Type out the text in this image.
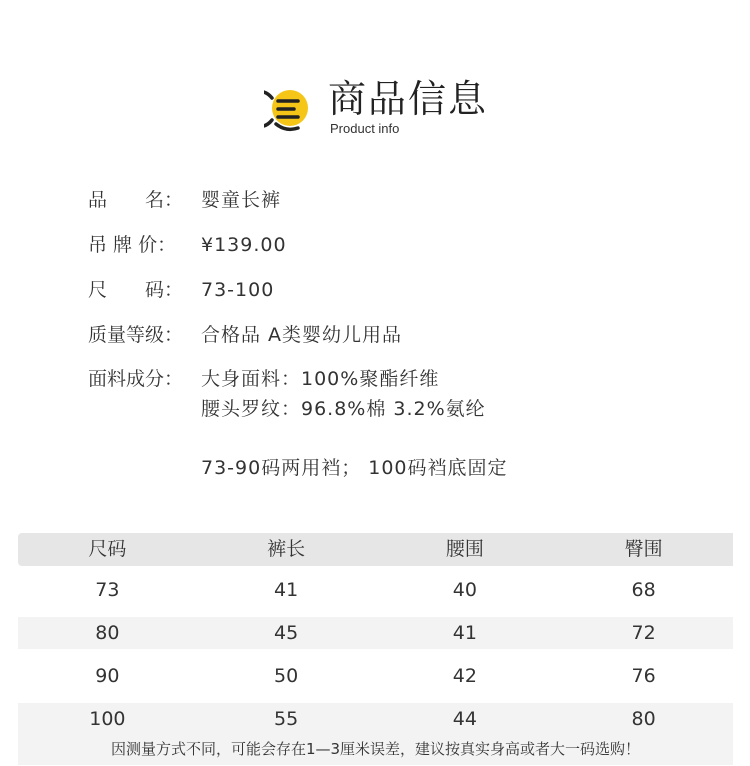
商品信息
Product info
品　　名： 婴童长裤
吊 牌 价： ¥139.00
尺　　码： 73-100
质量等级： 合格品 A类婴幼儿用品
面料成分： 大身面料：100%聚酯纤维
腰头罗纹：96.8%棉 3.2%氨纶
73-90码两用裆； 100码裆底固定
尺码	裤长	腰围	臀围
73	41	40	68
80	45	41	72
90	50	42	76
100	55	44	80
因测量方式不同，可能会存在1—3厘米误差，建议按真实身高或者大一码选购！
